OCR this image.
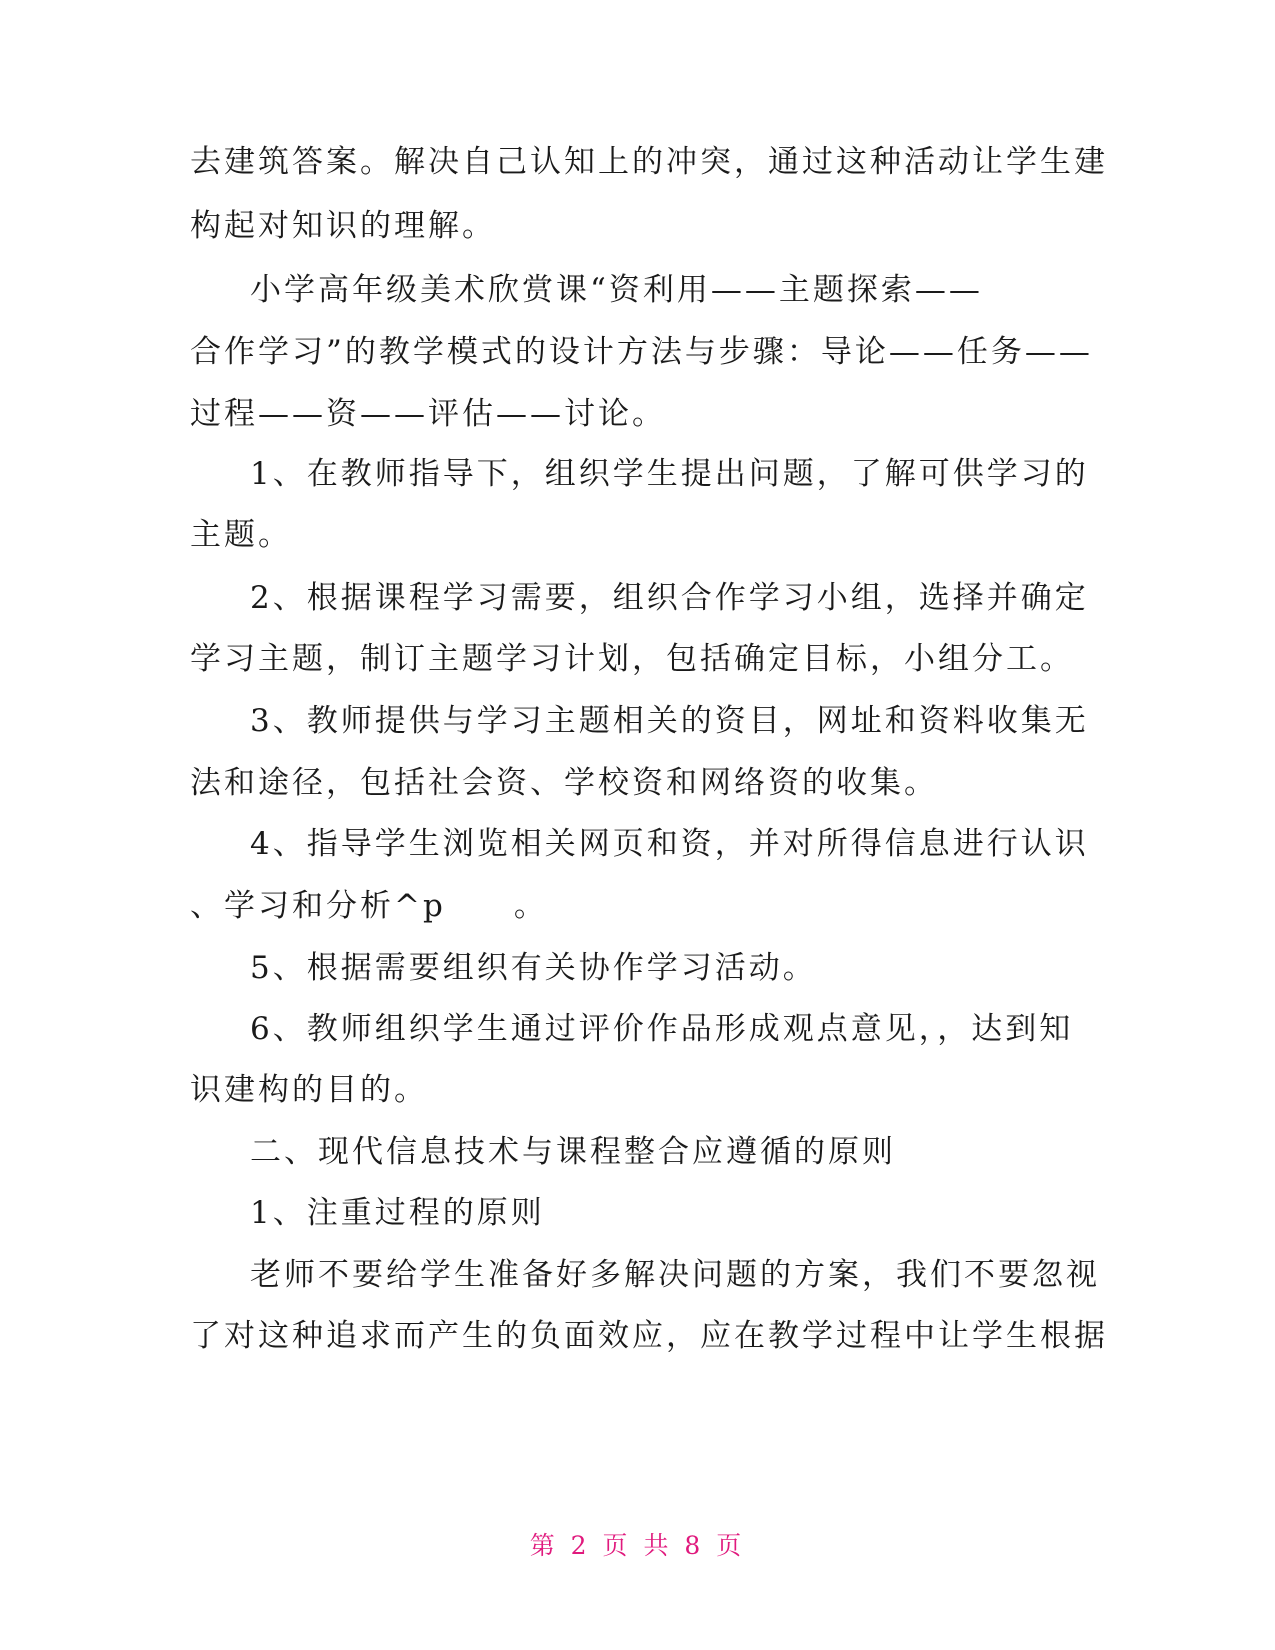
去建筑答案。解决自己认知上的冲突，通过这种活动让学生建
构起对知识的理解。
小学高年级美术欣赏课“资利用——主题探索——
合作学习”的教学模式的设计方法与步骤：导论——任务——
过程——资——评估——讨论。
1、在教师指导下，组织学生提出问题，了解可供学习的
主题。
2、根据课程学习需要，组织合作学习小组，选择并确定
学习主题，制订主题学习计划，包括确定目标，小组分工。
3、教师提供与学习主题相关的资目，网址和资料收集无
法和途径，包括社会资、学校资和网络资的收集。
4、指导学生浏览相关网页和资，并对所得信息进行认识
、学习和分析^p　　。
5、根据需要组织有关协作学习活动。
6、教师组织学生通过评价作品形成观点意见，，达到知
识建构的目的。
二、现代信息技术与课程整合应遵循的原则
1、注重过程的原则
老师不要给学生准备好多解决问题的方案，我们不要忽视
了对这种追求而产生的负面效应，应在教学过程中让学生根据
第 2 页 共 8 页
